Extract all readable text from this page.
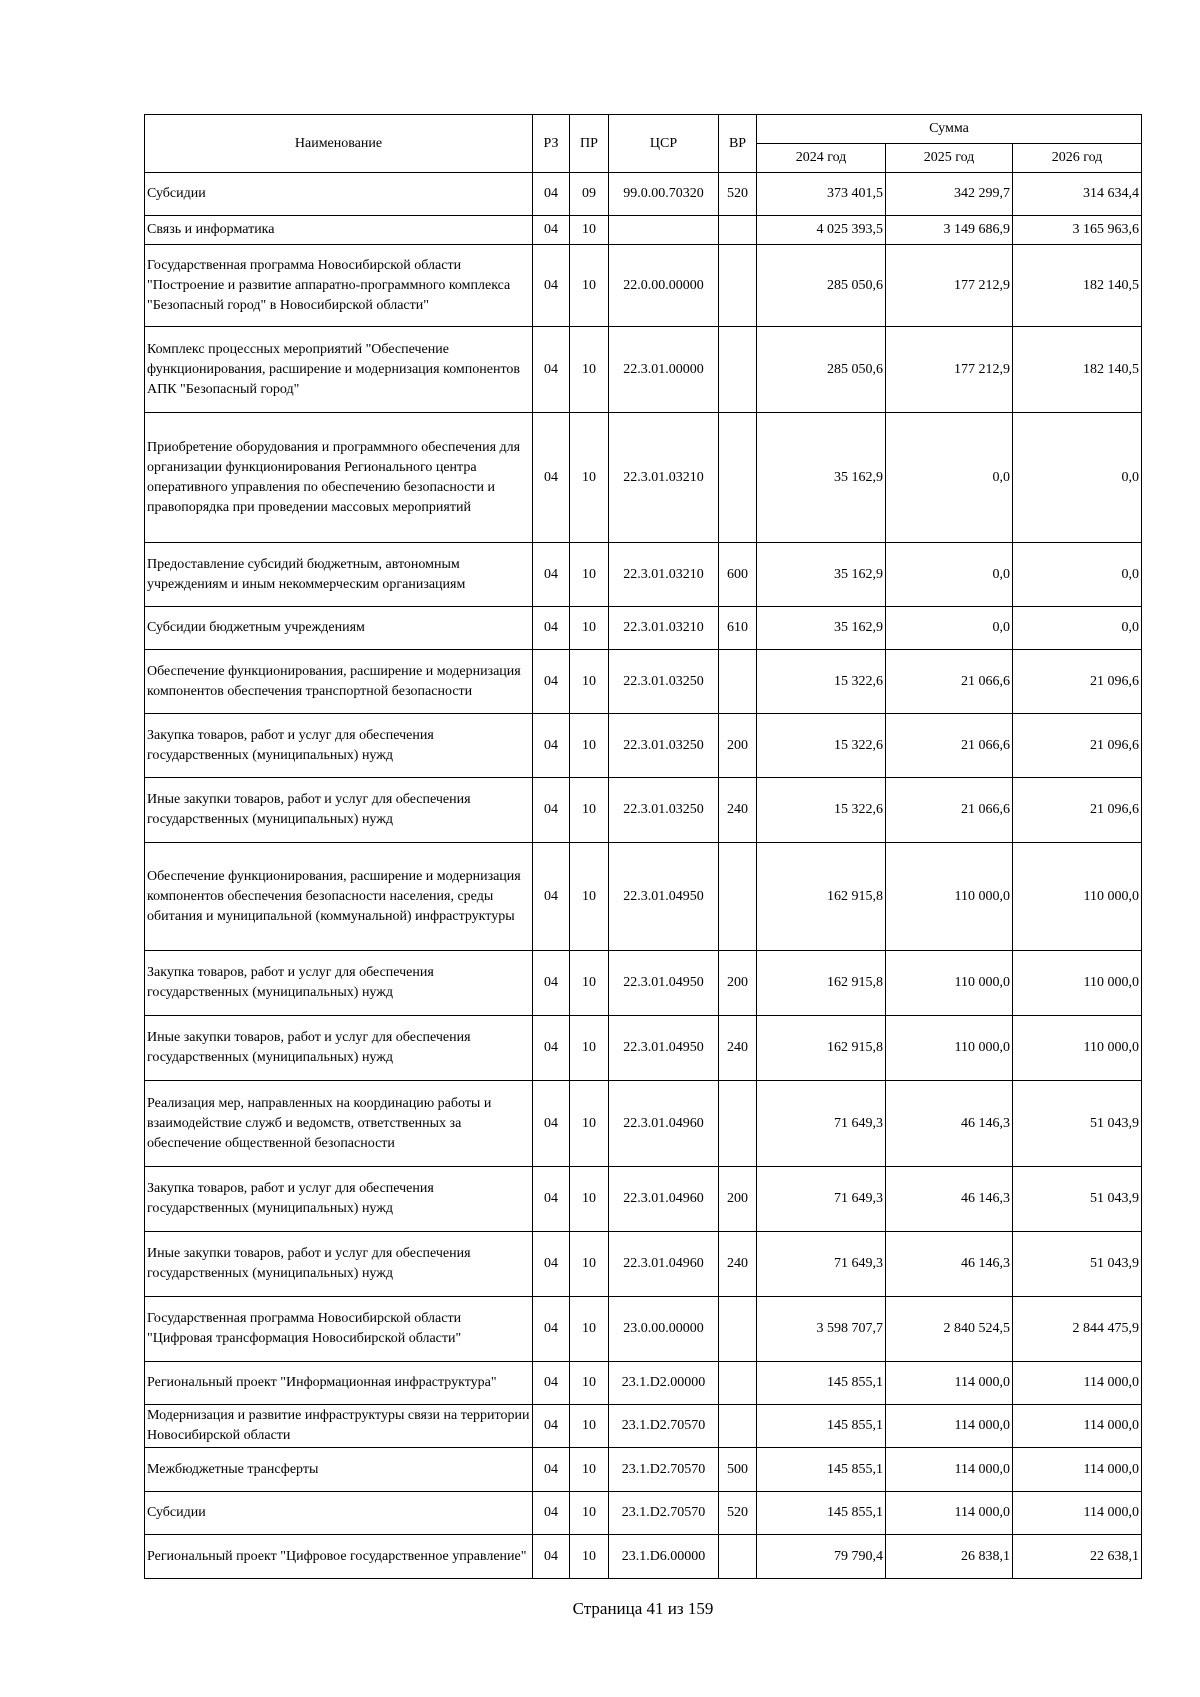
Наименование	РЗ	ПР	ЦСР	ВР	Сумма		
					2024 год	2025 год	2026 год
Субсидии	04	09	99.0.00.70320	520	373 401,5	342 299,7	314 634,4
Связь и информатика	04	10			4 025 393,5	3 149 686,9	3 165 963,6
Государственная программа Новосибирской области "Построение и развитие аппаратно-программного комплекса "Безопасный город" в Новосибирской области"	04	10	22.0.00.00000		285 050,6	177 212,9	182 140,5
Комплекс процессных мероприятий "Обеспечение функционирования, расширение и модернизация компонентов АПК "Безопасный город"	04	10	22.3.01.00000		285 050,6	177 212,9	182 140,5
Приобретение оборудования и программного обеспечения для организации функционирования Регионального центра оперативного управления по обеспечению безопасности и правопорядка при проведении массовых мероприятий	04	10	22.3.01.03210		35 162,9	0,0	0,0
Предоставление субсидий бюджетным, автономным учреждениям и иным некоммерческим организациям	04	10	22.3.01.03210	600	35 162,9	0,0	0,0
Субсидии бюджетным учреждениям	04	10	22.3.01.03210	610	35 162,9	0,0	0,0
Обеспечение функционирования, расширение и модернизация компонентов обеспечения транспортной безопасности	04	10	22.3.01.03250		15 322,6	21 066,6	21 096,6
Закупка товаров, работ и услуг для обеспечения государственных (муниципальных) нужд	04	10	22.3.01.03250	200	15 322,6	21 066,6	21 096,6
Иные закупки товаров, работ и услуг для обеспечения государственных (муниципальных) нужд	04	10	22.3.01.03250	240	15 322,6	21 066,6	21 096,6
Обеспечение функционирования, расширение и модернизация компонентов обеспечения безопасности населения, среды обитания и муниципальной (коммунальной) инфраструктуры	04	10	22.3.01.04950		162 915,8	110 000,0	110 000,0
Закупка товаров, работ и услуг для обеспечения государственных (муниципальных) нужд	04	10	22.3.01.04950	200	162 915,8	110 000,0	110 000,0
Иные закупки товаров, работ и услуг для обеспечения государственных (муниципальных) нужд	04	10	22.3.01.04950	240	162 915,8	110 000,0	110 000,0
Реализация мер, направленных на координацию работы и взаимодействие служб и ведомств, ответственных за обеспечение общественной безопасности	04	10	22.3.01.04960		71 649,3	46 146,3	51 043,9
Закупка товаров, работ и услуг для обеспечения государственных (муниципальных) нужд	04	10	22.3.01.04960	200	71 649,3	46 146,3	51 043,9
Иные закупки товаров, работ и услуг для обеспечения государственных (муниципальных) нужд	04	10	22.3.01.04960	240	71 649,3	46 146,3	51 043,9
Государственная программа Новосибирской области "Цифровая трансформация Новосибирской области"	04	10	23.0.00.00000		3 598 707,7	2 840 524,5	2 844 475,9
Региональный проект "Информационная инфраструктура"	04	10	23.1.D2.00000		145 855,1	114 000,0	114 000,0
Модернизация и развитие инфраструктуры связи на территории Новосибирской области	04	10	23.1.D2.70570		145 855,1	114 000,0	114 000,0
Межбюджетные трансферты	04	10	23.1.D2.70570	500	145 855,1	114 000,0	114 000,0
Субсидии	04	10	23.1.D2.70570	520	145 855,1	114 000,0	114 000,0
Региональный проект "Цифровое государственное управление"	04	10	23.1.D6.00000		79 790,4	26 838,1	22 638,1
Страница 41 из 159
